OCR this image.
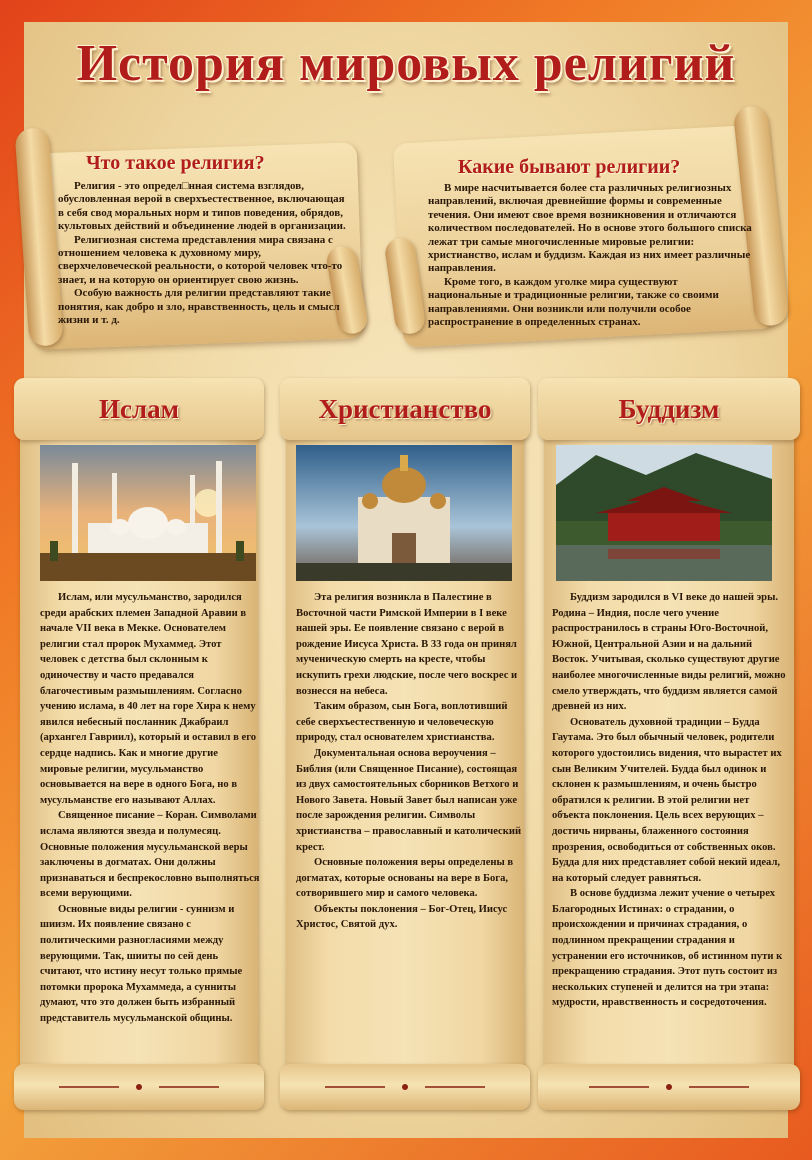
История мировых религий
Что такое религия?

Религия - это определ□нная система взглядов, обусловленная верой в сверхъестественное, включающая в себя свод моральных норм и типов поведения, обрядов, культовых действий и объединение людей в организации.

Религиозная система представления мира связана с отношением человека к духовному миру, сверхчеловеческой реальности, о которой человек что-то знает, и на которую он ориентирует свою жизнь.

Особую важность для религии представляют такие понятия, как добро и зло, нравственность, цель и смысл жизни и т. д.

Какие бывают религии?

В мире насчитывается более ста различных религиозных направлений, включая древнейшие формы и современные течения. Они имеют свое время возникновения и отличаются количеством последователей. Но в основе этого большого списка лежат три самые многочисленные мировые религии: христианство, ислам и буддизм. Каждая из них имеет различные направления.

Кроме того, в каждом уголке мира существуют национальные и традиционные религии, также со своими направлениями. Они возникли или получили особое распространение в определенных странах.

Ислам

Ислам, или мусульманство, зародился среди арабских племен Западной Аравии в начале VII века в Мекке. Основателем религии стал пророк Мухаммед. Этот человек с детства был склонным к одиночеству и часто предавался благочестивым размышлениям. Согласно учению ислама, в 40 лет на горе Хира к нему явился небесный посланник Джабраил (архангел Гавриил), который и оставил в его сердце надпись. Как и многие другие мировые религии, мусульманство основывается на вере в одного Бога, но в мусульманстве его называют Аллах.

Священное писание – Коран. Символами ислама являются звезда и полумесяц. Основные положения мусульманской веры заключены в догматах. Они должны признаваться и беспрекословно выполняться всеми верующими.

Основные виды религии - суннизм и шиизм. Их появление связано с политическими разногласиями между верующими. Так, шииты по сей день считают, что истину несут только прямые потомки пророка Мухаммеда, а сунниты думают, что это должен быть избранный представитель мусульманской общины.

Христианство

Эта религия возникла в Палестине в Восточной части Римской Империи в I веке нашей эры. Ее появление связано с верой в рождение Иисуса Христа. В 33 года он принял мученическую смерть на кресте, чтобы искупить грехи людские, после чего воскрес и вознесся на небеса.

Таким образом, сын Бога, воплотивший себе сверхъестественную и человеческую природу, стал основателем христианства.

Документальная основа вероучения – Библия (или Священное Писание), состоящая из двух самостоятельных сборников Ветхого и Нового Завета. Новый Завет был написан уже после зарождения религии. Символы христианства – православный и католический крест.

Основные положения веры определены в догматах, которые основаны на вере в Бога, сотворившего мир и самого человека.

Объекты поклонения – Бог-Отец, Иисус Христос, Святой дух.

Буддизм

Буддизм зародился в VI веке до нашей эры. Родина – Индия, после чего учение распространилось в страны Юго-Восточной, Южной, Центральной Азии и на дальний Восток. Учитывая, сколько существуют другие наиболее многочисленные виды религий, можно смело утверждать, что буддизм является самой древней из них.

Основатель духовной традиции – Будда Гаутама. Это был обычный человек, родители которого удостоились видения, что вырастет их сын Великим Учителей. Будда был одинок и склонен к размышлениям, и очень быстро обратился к религии. В этой религии нет объекта поклонения. Цель всех верующих – достичь нирваны, блаженного состояния прозрения, освободиться от собственных оков. Будда для них представляет собой некий идеал, на который следует равняться.

В основе буддизма лежит учение о четырех Благородных Истинах: о страдании, о происхождении и причинах страдания, о подлинном прекращении страдания и устранении его источников, об истинном пути к прекращению страдания. Этот путь состоит из нескольких ступеней и делится на три этапа: мудрости, нравственность и сосредоточения.
